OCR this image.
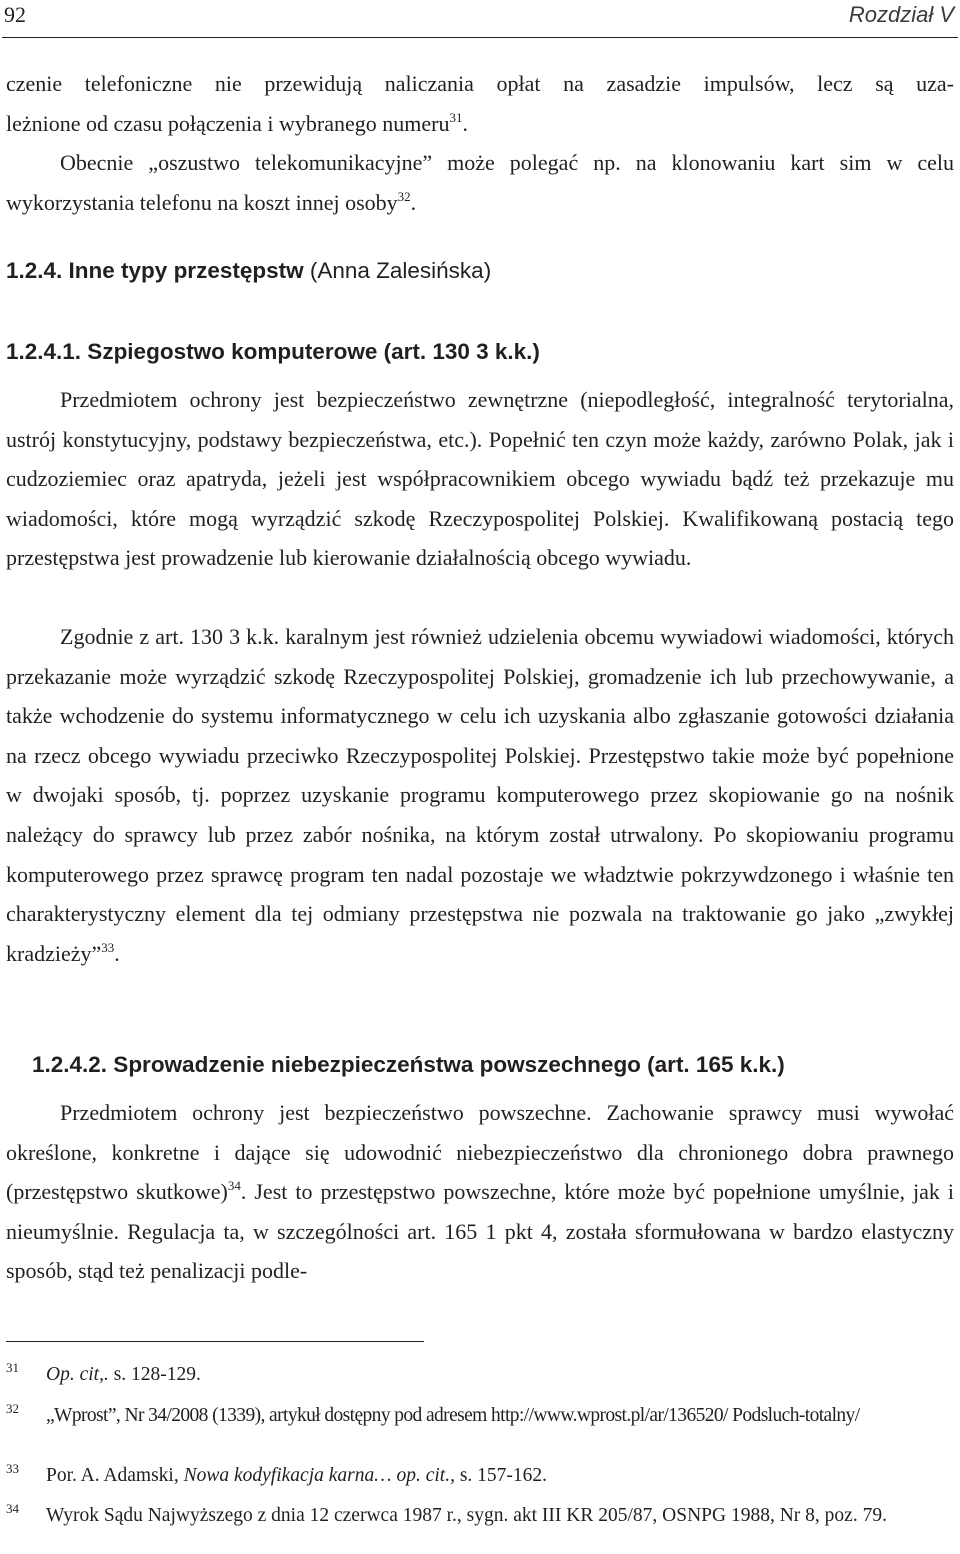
92	Rozdział V

czenie telefoniczne nie przewidują naliczania opłat na zasadzie impulsów, lecz są uza-

leżnione od czasu połączenia i wybranego numeru$^{31}$.

Obecnie „oszustwo telekomunikacyjne” może polegać np. na klonowaniu kart sim w celu wykorzystania telefonu na koszt innej osoby$^{32}$.

1.2.4. Inne typy przestępstw (Anna Zalesińska)
1.2.4.1. Szpiegostwo komputerowe (art. 130 3 k.k.)

Przedmiotem ochrony jest bezpieczeństwo zewnętrzne (niepodległość, integralność terytorialna, ustrój konstytucyjny, podstawy bezpieczeństwa, etc.). Popełnić ten czyn może każdy, zarówno Polak, jak i cudzoziemiec oraz apatryda, jeżeli jest współpracownikiem obcego wywiadu bądź też przekazuje mu wiadomości, które mogą wyrządzić szkodę Rzeczypospolitej Polskiej. Kwalifikowaną postacią tego przestępstwa jest prowadzenie lub kierowanie działalnością obcego wywiadu.

Zgodnie z art. 130 3 k.k. karalnym jest również udzielenia obcemu wywiadowi wiadomości, których przekazanie może wyrządzić szkodę Rzeczypospolitej Polskiej, gromadzenie ich lub przechowywanie, a także wchodzenie do systemu informatycznego w celu ich uzyskania albo zgłaszanie gotowości działania na rzecz obcego wywiadu przeciwko Rzeczypospolitej Polskiej. Przestępstwo takie może być popełnione w dwojaki sposób, tj. poprzez uzyskanie programu komputerowego przez skopiowanie go na nośnik należący do sprawcy lub przez zabór nośnika, na którym został utrwalony. Po skopiowaniu programu komputerowego przez sprawcę program ten nadal pozostaje we władztwie pokrzywdzonego i właśnie ten charakterystyczny element dla tej odmiany przestępstwa nie pozwala na traktowanie go jako „zwykłej kradzieży”$^{33}$.

1.2.4.2. Sprowadzenie niebezpieczeństwa powszechnego (art. 165 k.k.)

Przedmiotem ochrony jest bezpieczeństwo powszechne. Zachowanie sprawcy musi wywołać określone, konkretne i dające się udowodnić niebezpieczeństwo dla chronionego dobra prawnego (przestępstwo skutkowe)$^{34}$. Jest to przestępstwo powszechne, które może być popełnione umyślnie, jak i nieumyślnie. Regulacja ta, w szczególności art. 165 1 pkt 4, została sformułowana w bardzo elastyczny sposób, stąd też penalizacji podle-

31 Op. cit,. s. 128-129.
32 „Wprost”, Nr 34/2008 (1339), artykuł dostępny pod adresem http://www.wprost.pl/ar/136520/ Podsluch-totalny/
33 Por. A. Adamski, Nowa kodyfikacja karna… op. cit., s. 157-162.
34 Wyrok Sądu Najwyższego z dnia 12 czerwca 1987 r., sygn. akt III KR 205/87, OSNPG 1988, Nr 8, poz. 79.
